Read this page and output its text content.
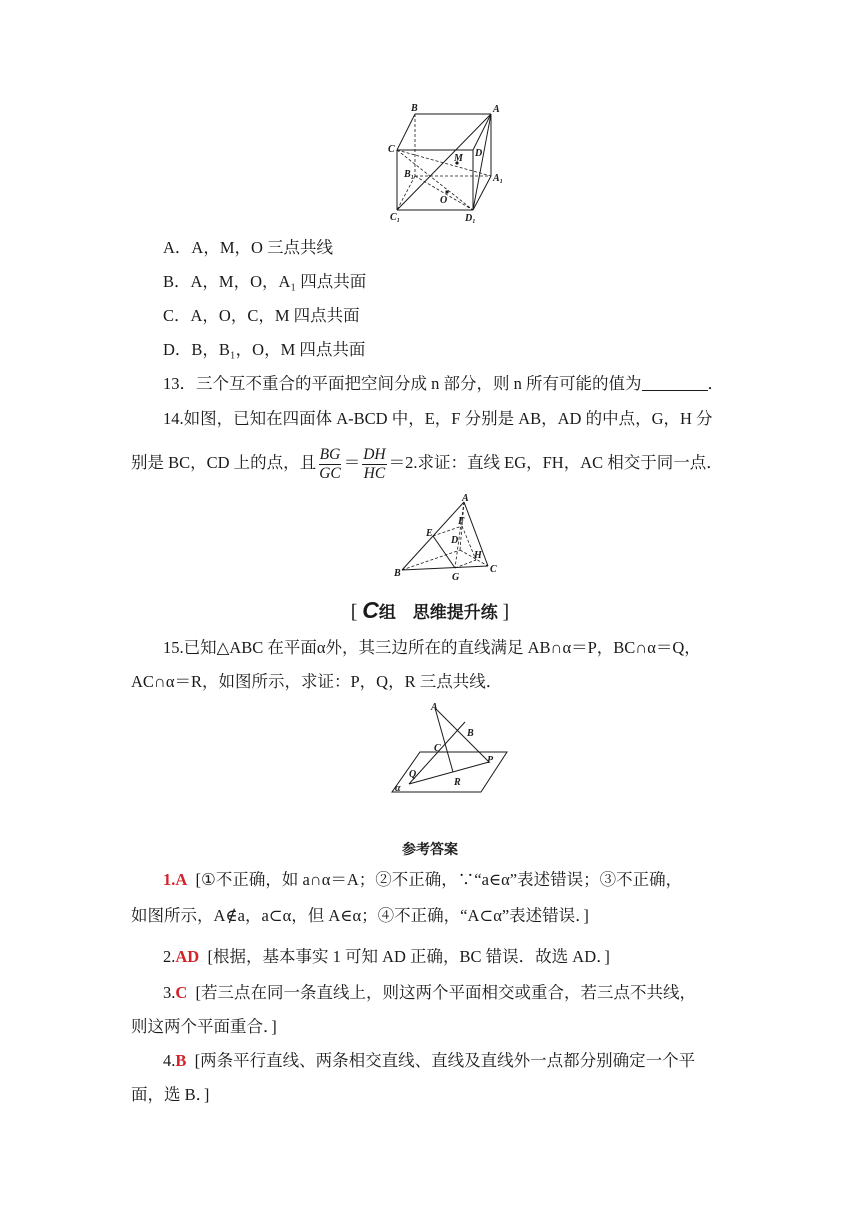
B	A
C
M D
B₁	A₁
O
C₁	D₁
A．A，M，O 三点共线
B．A，M，O，A₁ 四点共面
C．A，O，C，M 四点共面
D．B，B₁，O，M 四点共面
13．三个互不重合的平面把空间分成 n 部分，则 n 所有可能的值为	．
14.如图，已知在四面体 A-BCD 中，E，F 分别是 AB，AD 的中点，G，H 分
别是 BC，CD 上的点，且 $\frac{BG}{GC} = \frac{DH}{HC} =2$.求证：直线 EG，FH，AC 相交于同一点．
A
F
E
D
H
B	G
C
[ C组　思维提升练 ]
15.已知△ABC 在平面α外，其三边所在的直线满足 AB∩α＝P，BC∩α＝Q，
AC∩α＝R，如图所示，求证：P，Q，R 三点共线．
A
B
C
P
Q
R
α
参考答案
1.A [①不正确，如 a∩α＝A；②不正确，∵“a∈α”表述错误；③不正确，
如图所示，A∉a，a⊂α，但 A∈α；④不正确，“A⊂α”表述错误．]
2.AD [根据，基本事实 1 可知 AD 正确，BC 错误．故选 AD．]
3.C [若三点在同一条直线上，则这两个平面相交或重合，若三点不共线，
则这两个平面重合．]
4.B [两条平行直线、两条相交直线、直线及直线外一点都分别确定一个平
面，选 B．]
